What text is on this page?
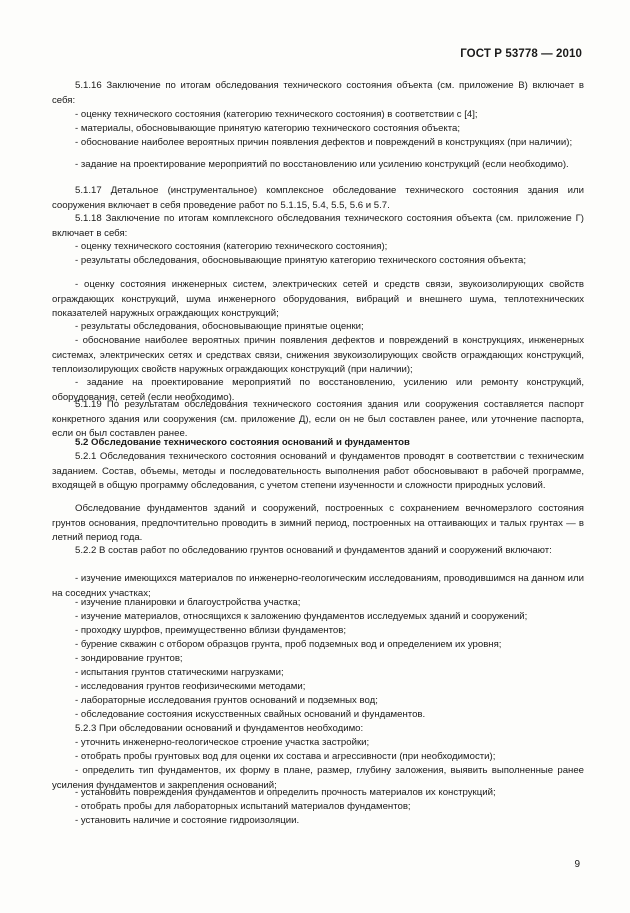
ГОСТ Р 53778 — 2010

5.1.16 Заключение по итогам обследования технического состояния объекта (см. приложение В) включает в себя:

- оценку технического состояния (категорию технического состояния) в соответствии с [4];

- материалы, обосновывающие принятую категорию технического состояния объекта;

- обоснование наиболее вероятных причин появления дефектов и повреждений в конструкциях (при наличии);

- задание на проектирование мероприятий по восстановлению или усилению конструкций (если необходимо).

5.1.17 Детальное (инструментальное) комплексное обследование технического состояния здания или сооружения включает в себя проведение работ по 5.1.15, 5.4, 5.5, 5.6 и 5.7.

5.1.18 Заключение по итогам комплексного обследования технического состояния объекта (см. приложение Г) включает в себя:

- оценку технического состояния (категорию технического состояния);

- результаты обследования, обосновывающие принятую категорию технического состояния объекта;

- оценку состояния инженерных систем, электрических сетей и средств связи, звукоизолирующих свойств ограждающих конструкций, шума инженерного оборудования, вибраций и внешнего шума, теплотехнических показателей наружных ограждающих конструкций;

- результаты обследования, обосновывающие принятые оценки;

- обоснование наиболее вероятных причин появления дефектов и повреждений в конструкциях, инженерных системах, электрических сетях и средствах связи, снижения звукоизолирующих свойств ограждающих конструкций, теплоизолирующих свойств наружных ограждающих конструкций (при наличии);

- задание на проектирование мероприятий по восстановлению, усилению или ремонту конструкций, оборудования, сетей (если необходимо).

5.1.19 По результатам обследования технического состояния здания или сооружения составляется паспорт конкретного здания или сооружения (см. приложение Д), если он не был составлен ранее, или уточнение паспорта, если он был составлен ранее.

5.2 Обследование технического состояния оснований и фундаментов

5.2.1 Обследования технического состояния оснований и фундаментов проводят в соответствии с техническим заданием. Состав, объемы, методы и последовательность выполнения работ обосновывают в рабочей программе, входящей в общую программу обследования, с учетом степени изученности и сложности природных условий.

Обследование фундаментов зданий и сооружений, построенных с сохранением вечномерзлого состояния грунтов основания, предпочтительно проводить в зимний период, построенных на оттаивающих и талых грунтах — в летний период года.

5.2.2 В состав работ по обследованию грунтов оснований и фундаментов зданий и сооружений включают:

- изучение имеющихся материалов по инженерно-геологическим исследованиям, проводившимся на данном или на соседних участках;

- изучение планировки и благоустройства участка;

- изучение материалов, относящихся к заложению фундаментов исследуемых зданий и сооружений;

- проходку шурфов, преимущественно вблизи фундаментов;

- бурение скважин с отбором образцов грунта, проб подземных вод и определением их уровня;

- зондирование грунтов;

- испытания грунтов статическими нагрузками;

- исследования грунтов геофизическими методами;

- лабораторные исследования грунтов оснований и подземных вод;

- обследование состояния искусственных свайных оснований и фундаментов.

5.2.3 При обследовании оснований и фундаментов необходимо:

- уточнить инженерно-геологическое строение участка застройки;

- отобрать пробы грунтовых вод для оценки их состава и агрессивности (при необходимости);

- определить тип фундаментов, их форму в плане, размер, глубину заложения, выявить выполненные ранее усиления фундаментов и закрепления оснований;

- установить повреждения фундаментов и определить прочность материалов их конструкций;

- отобрать пробы для лабораторных испытаний материалов фундаментов;

- установить наличие и состояние гидроизоляции.

9
